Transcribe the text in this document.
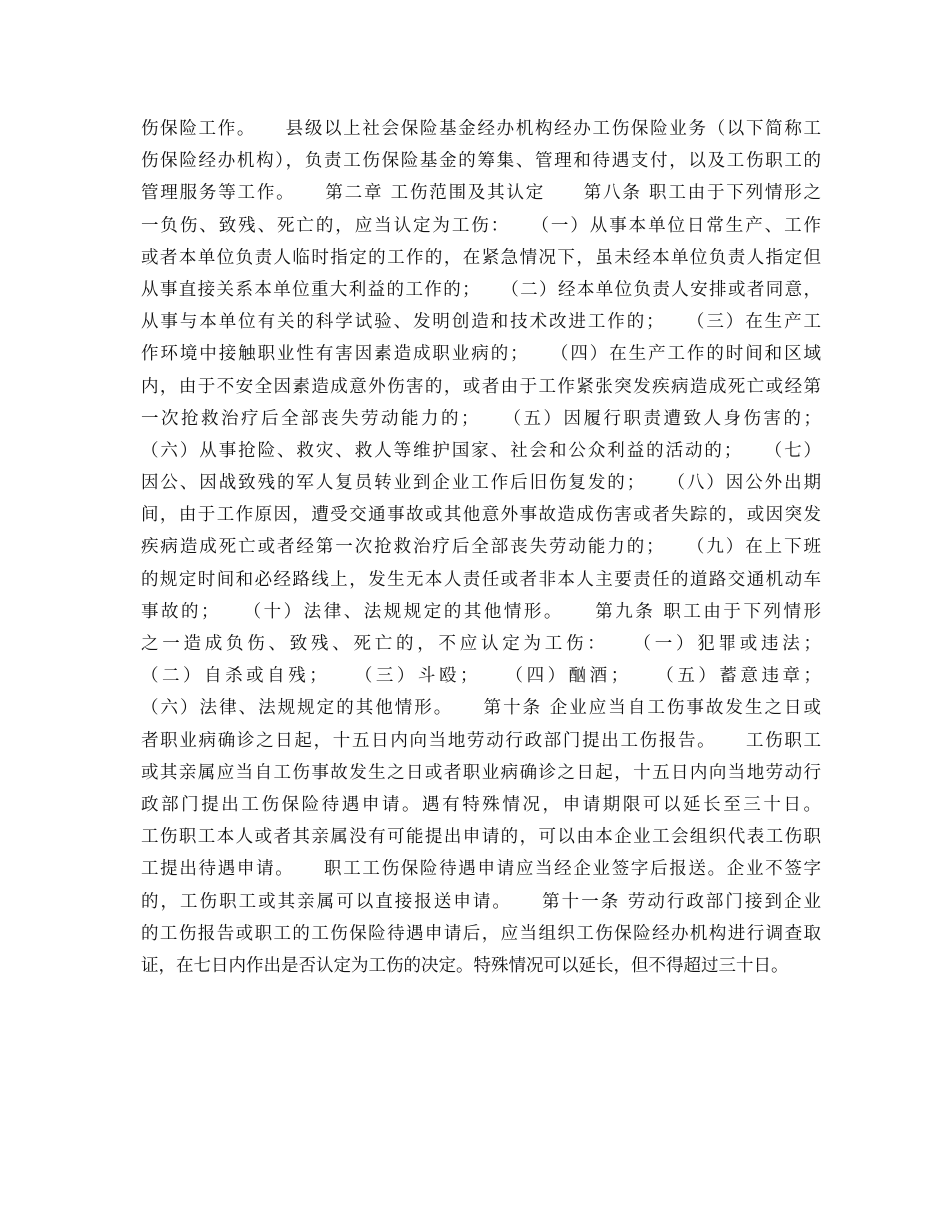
伤保险工作。　　县级以上社会保险基金经办机构经办工伤保险业务（以下简称工
伤保险经办机构），负责工伤保险基金的筹集、管理和待遇支付，以及工伤职工的
管理服务等工作。　　第二章 工伤范围及其认定　　第八条 职工由于下列情形之
一负伤、致残、死亡的，应当认定为工伤：　　（一）从事本单位日常生产、工作
或者本单位负责人临时指定的工作的，在紧急情况下，虽未经本单位负责人指定但
从事直接关系本单位重大利益的工作的；　　（二）经本单位负责人安排或者同意，
从事与本单位有关的科学试验、发明创造和技术改进工作的；　　（三）在生产工
作环境中接触职业性有害因素造成职业病的；　　（四）在生产工作的时间和区域
内，由于不安全因素造成意外伤害的，或者由于工作紧张突发疾病造成死亡或经第
一次抢救治疗后全部丧失劳动能力的；　　（五）因履行职责遭致人身伤害的；
（六）从事抢险、救灾、救人等维护国家、社会和公众利益的活动的；　　（七）
因公、因战致残的军人复员转业到企业工作后旧伤复发的；　　（八）因公外出期
间，由于工作原因，遭受交通事故或其他意外事故造成伤害或者失踪的，或因突发
疾病造成死亡或者经第一次抢救治疗后全部丧失劳动能力的；　　（九）在上下班
的规定时间和必经路线上，发生无本人责任或者非本人主要责任的道路交通机动车
事故的；　　（十）法律、法规规定的其他情形。　　第九条 职工由于下列情形
之一造成负伤、致残、死亡的，不应认定为工伤：　　（一）犯罪或违法；
（二）自杀或自残；　　（三）斗殴；　　（四）酗酒；　　（五）蓄意违章；
（六）法律、法规规定的其他情形。　　第十条 企业应当自工伤事故发生之日或
者职业病确诊之日起，十五日内向当地劳动行政部门提出工伤报告。　　工伤职工
或其亲属应当自工伤事故发生之日或者职业病确诊之日起，十五日内向当地劳动行
政部门提出工伤保险待遇申请。遇有特殊情况，申请期限可以延长至三十日。
工伤职工本人或者其亲属没有可能提出申请的，可以由本企业工会组织代表工伤职
工提出待遇申请。　　职工工伤保险待遇申请应当经企业签字后报送。企业不签字
的，工伤职工或其亲属可以直接报送申请。　　第十一条 劳动行政部门接到企业
的工伤报告或职工的工伤保险待遇申请后，应当组织工伤保险经办机构进行调查取
证，在七日内作出是否认定为工伤的决定。特殊情况可以延长，但不得超过三十日。
